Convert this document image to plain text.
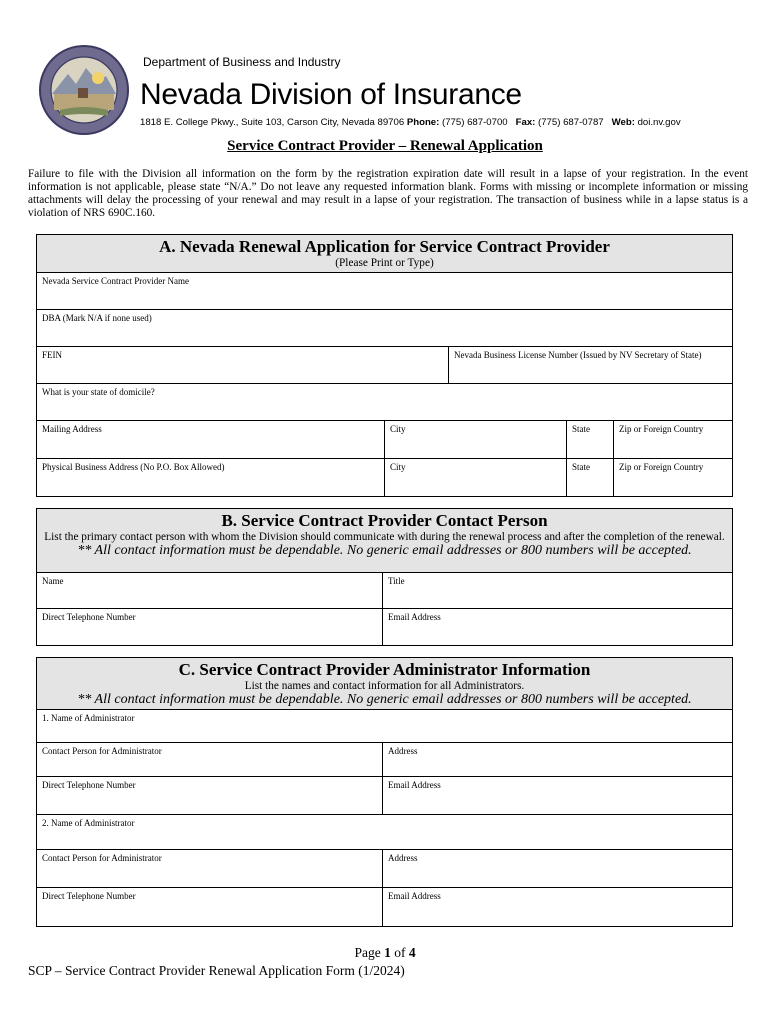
Department of Business and Industry
Nevada Division of Insurance
1818 E. College Pkwy., Suite 103, Carson City, Nevada 89706 Phone: (775) 687-0700 Fax: (775) 687-0787 Web: doi.nv.gov
Service Contract Provider – Renewal Application
Failure to file with the Division all information on the form by the registration expiration date will result in a lapse of your registration. In the event information is not applicable, please state “N/A.” Do not leave any requested information blank. Forms with missing or incomplete information or missing attachments will delay the processing of your renewal and may result in a lapse of your registration. The transaction of business while in a lapse status is a violation of NRS 690C.160.
A. Nevada Renewal Application for Service Contract Provider
(Please Print or Type)
Nevada Service Contract Provider Name
DBA (Mark N/A if none used)
FEIN	Nevada Business License Number (Issued by NV Secretary of State)
What is your state of domicile?
Mailing Address	City	State	Zip or Foreign Country
Physical Business Address (No P.O. Box Allowed)	City	State	Zip or Foreign Country
B. Service Contract Provider Contact Person
List the primary contact person with whom the Division should communicate with during the renewal process and after the completion of the renewal.
** All contact information must be dependable. No generic email addresses or 800 numbers will be accepted.
Name	Title
Direct Telephone Number	Email Address
C. Service Contract Provider Administrator Information
List the names and contact information for all Administrators.
** All contact information must be dependable. No generic email addresses or 800 numbers will be accepted.
1. Name of Administrator
Contact Person for Administrator	Address
Direct Telephone Number	Email Address
2. Name of Administrator
Contact Person for Administrator	Address
Direct Telephone Number	Email Address
Page 1 of 4
SCP – Service Contract Provider Renewal Application Form (1/2024)
